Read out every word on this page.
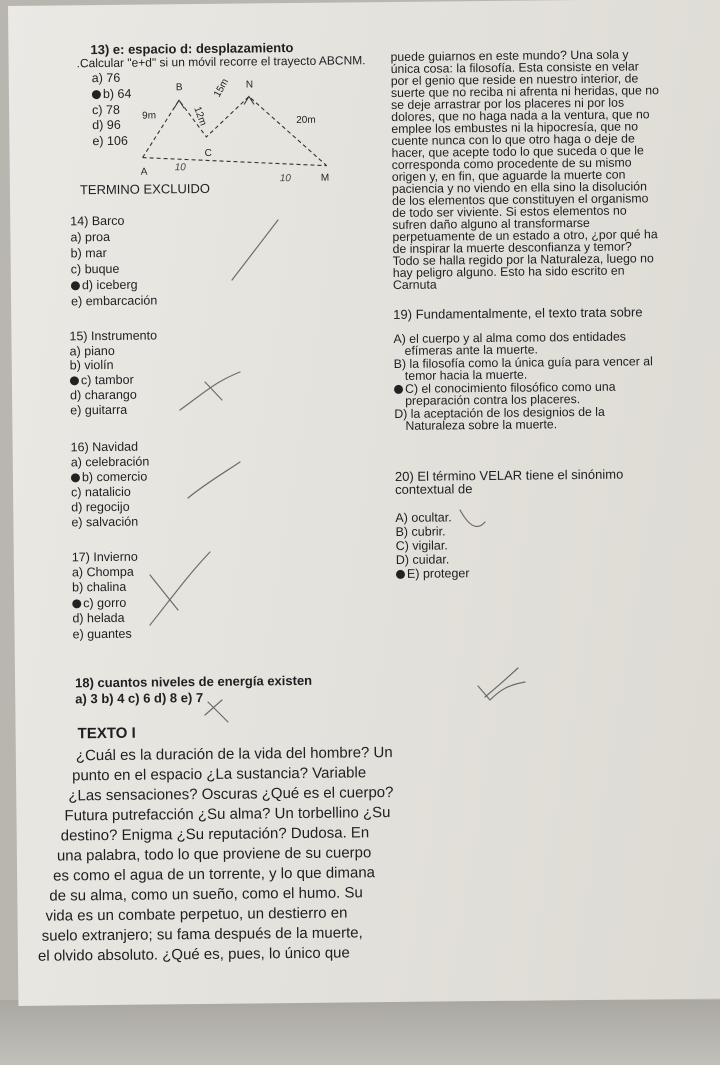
13) e: espacio d: desplazamiento
.Calcular "e+d" si un móvil recorre el trayecto ABCNM.
a) 76
b) 64
c) 78
d) 96
e) 106
B	N
A
C
M
9m	12m
15m
20m
10
10
TERMINO EXCLUIDO
14) Barco
a) proa
b) mar
c) buque
d) iceberg
e) embarcación
15) Instrumento
a) piano
b) violín
c) tambor
d) charango
e) guitarra
16) Navidad
a) celebración
b) comercio
c) natalicio
d) regocijo
e) salvación
17) Invierno
a) Chompa
b) chalina
c) gorro
d) helada
e) guantes
18) cuantos niveles de energía existen
a) 3 b) 4 c) 6 d) 8 e) 7
puede guiarnos en este mundo? Una sola y
única cosa: la filosofía. Esta consiste en velar
por el genio que reside en nuestro interior, de
suerte que no reciba ni afrenta ni heridas, que no
se deje arrastrar por los placeres ni por los
dolores, que no haga nada a la ventura, que no
emplee los embustes ni la hipocresía, que no
cuente nunca con lo que otro haga o deje de
hacer, que acepte todo lo que suceda o que le
corresponda como procedente de su mismo
origen y, en fin, que aguarde la muerte con
paciencia y no viendo en ella sino la disolución
de los elementos que constituyen el organismo
de todo ser viviente. Si estos elementos no
sufren daño alguno al transformarse
perpetuamente de un estado a otro, ¿por qué ha
de inspirar la muerte desconfianza y temor?
Todo se halla regido por la Naturaleza, luego no
hay peligro alguno. Esto ha sido escrito en
Carnuta
19) Fundamentalmente, el texto trata sobre
A) el cuerpo y al alma como dos entidades
efímeras ante la muerte.
B) la filosofía como la única guía para vencer al
temor hacia la muerte.
C) el conocimiento filosófico como una
preparación contra los placeres.
D) la aceptación de los designios de la
Naturaleza sobre la muerte.
20) El término VELAR tiene el sinónimo
contextual de
A) ocultar.
B) cubrir.
C) vigilar.
D) cuidar.
E) proteger
TEXTO I
¿Cuál es la duración de la vida del hombre? Un
punto en el espacio ¿La sustancia? Variable
¿Las sensaciones? Oscuras ¿Qué es el cuerpo?
Futura putrefacción ¿Su alma? Un torbellino ¿Su
destino? Enigma ¿Su reputación? Dudosa. En
una palabra, todo lo que proviene de su cuerpo
es como el agua de un torrente, y lo que dimana
de su alma, como un sueño, como el humo. Su
vida es un combate perpetuo, un destierro en
suelo extranjero; su fama después de la muerte,
el olvido absoluto. ¿Qué es, pues, lo único que
